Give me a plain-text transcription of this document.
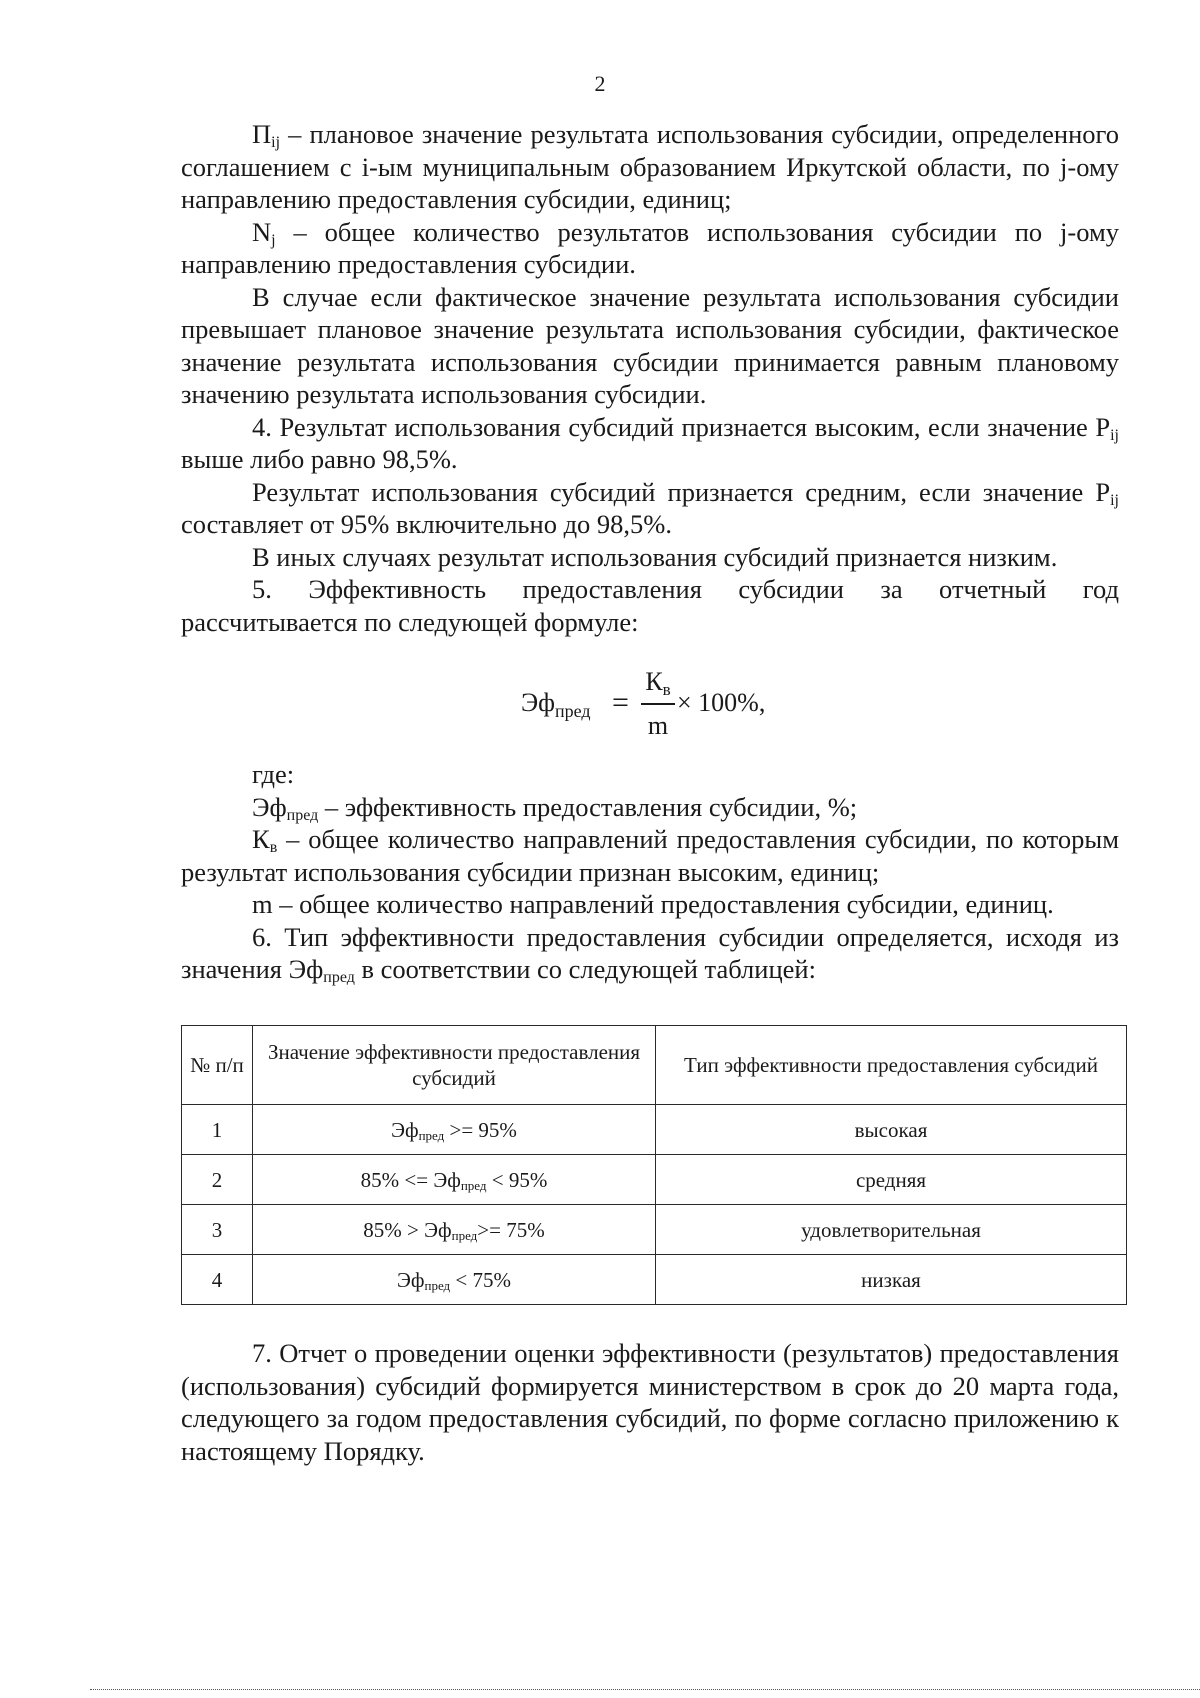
2

$П_{ij}$ – плановое значение результата использования субсидии, определенного соглашением с i-ым муниципальным образованием Иркутской области, по j-ому направлению предоставления субсидии, единиц;

$N_j$ – общее количество результатов использования субсидии по j-ому направлению предоставления субсидии.

В случае если фактическое значение результата использования субсидии превышает плановое значение результата использования субсидии, фактическое значение результата использования субсидии принимается равным плановому значению результата использования субсидии.

4. Результат использования субсидий признается высоким, если значение $P_{ij}$ выше либо равно 98,5%.

Результат использования субсидий признается средним, если значение $P_{ij}$ составляет от 95% включительно до 98,5%.

В иных случаях результат использования субсидий признается низким.

5. Эффективность предоставления субсидии за отчетный год рассчитывается по следующей формуле:

$Эф_{пред}$ =
$К_в$
m
× 100%,

где:

$Эф_{пред}$ – эффективность предоставления субсидии, %;

$К_в$ – общее количество направлений предоставления субсидии, по которым результат использования субсидии признан высоким, единиц;

m – общее количество направлений предоставления субсидии, единиц.

6. Тип эффективности предоставления субсидии определяется, исходя из значения $Эф_{пред}$ в соответствии со следующей таблицей:

№ п/п	Значение эффективности предоставления субсидий	Тип эффективности предоставления субсидий
1	$Эф_{пред} >= 95\%$	высокая
2	$85\% <= Эф_{пред} < 95\%$	средняя
3	$85\% > Эф_{пред}>= 75\%$	удовлетворительная
4	$Эф_{пред} < 75\%$	низкая

7. Отчет о проведении оценки эффективности (результатов) предоставления (использования) субсидий формируется министерством в срок до 20 марта года, следующего за годом предоставления субсидий, по форме согласно приложению к настоящему Порядку.
